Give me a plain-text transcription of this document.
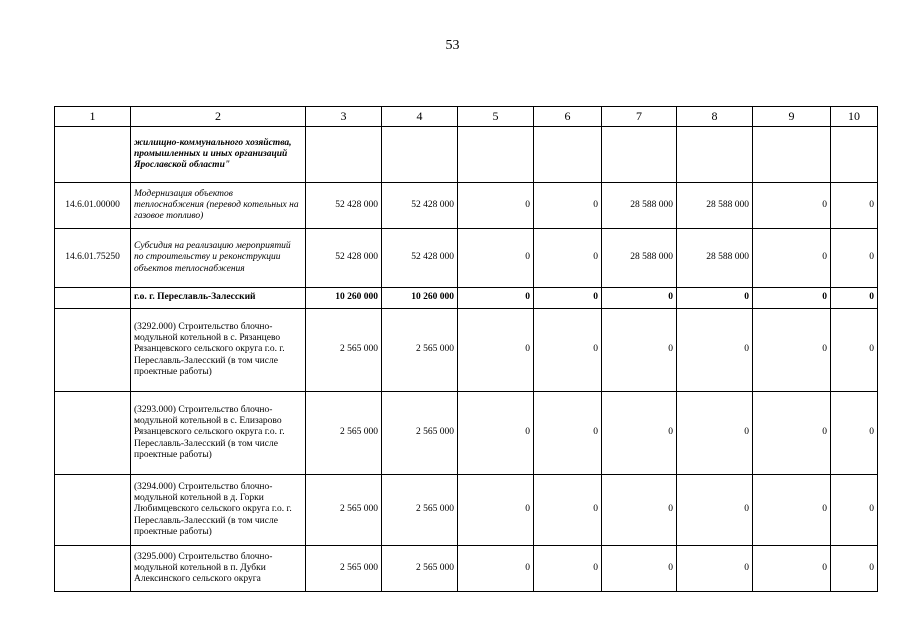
53
1	2	3	4	5	6	7	8	9	10
	жилищно-коммунального хозяйства, промышленных и иных организаций Ярославской области"								
14.6.01.00000	Модернизация объектов теплоснабжения (перевод котельных на газовое топливо)	52 428 000	52 428 000	0	0	28 588 000	28 588 000	0	0
14.6.01.75250	Субсидия на реализацию мероприятий по строительству и реконструкции объектов теплоснабжения	52 428 000	52 428 000	0	0	28 588 000	28 588 000	0	0
	г.о. г. Переславль-Залесский	10 260 000	10 260 000	0	0	0	0	0	0
	(3292.000) Строительство блочно-модульной котельной в с. Рязанцево Рязанцевского сельского округа г.о. г. Переславль-Залесский (в том числе проектные работы)	2 565 000	2 565 000	0	0	0	0	0	0
	(3293.000) Строительство блочно-модульной котельной в с. Елизарово Рязанцевского сельского округа г.о. г. Переславль-Залесский (в том числе проектные работы)	2 565 000	2 565 000	0	0	0	0	0	0
	(3294.000) Строительство блочно-модульной котельной в д. Горки Любимцевского сельского округа г.о. г. Переславль-Залесский (в том числе проектные работы)	2 565 000	2 565 000	0	0	0	0	0	0
	(3295.000) Строительство блочно-модульной котельной в п. Дубки Алексинского сельского округа	2 565 000	2 565 000	0	0	0	0	0	0
